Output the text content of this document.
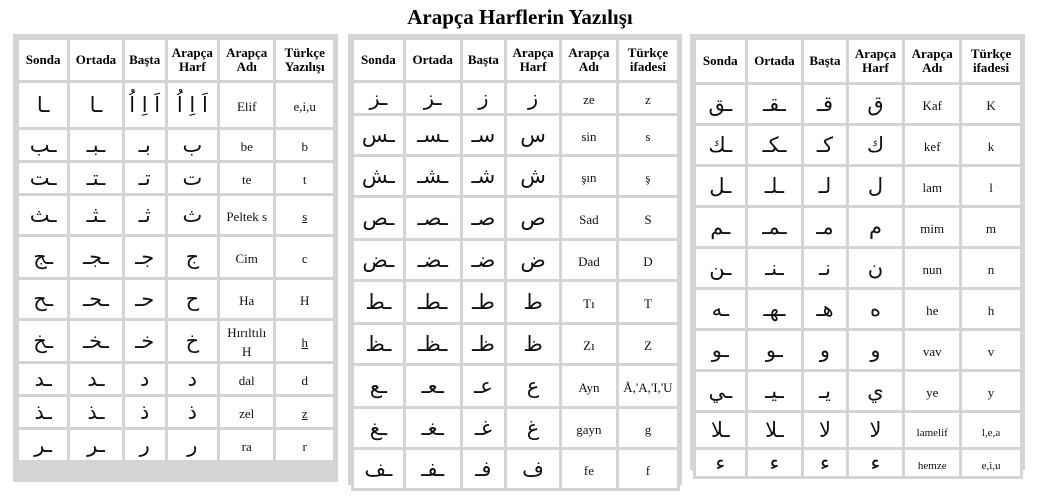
Arapça Harflerin Yazılışı
Sonda	Ortada	Başta	Arapça Harf	Arapça Adı	Türkçe Yazılışı
ـا	ـا	اَ اِ اُ	اَ اِ اُ	Elif	e,i,u
ـب	ـبـ	بـ	ب	be	b
ـت	ـتـ	تـ	ت	te	t
ـث	ـثـ	ثـ	ث	Peltek s	s
ـج	ـجـ	جـ	ج	Cim	c
ـح	ـحـ	حـ	ح	Ha	H
ـخ	ـخـ	خـ	خ	Hırıltılı H	h
ـد	ـد	د	د	dal	d
ـذ	ـذ	ذ	ذ	zel	z
ـر	ـر	ر	ر	ra	r
Sonda	Ortada	Başta	Arapça Harf	Arapça Adı	Türkçe ifadesi
ـز	ـز	ز	ز	ze	z
ـس	ـسـ	سـ	س	sin	s
ـش	ـشـ	شـ	ش	şın	ş
ـص	ـصـ	صـ	ص	Sad	S
ـض	ـضـ	ضـ	ض	Dad	D
ـط	ـطـ	طـ	ط	Tı	T
ـظ	ـظـ	ظـ	ظ	Zı	Z
ـع	ـعـ	عـ	ع	Ayn	Å,'A,'I,'U
ـغ	ـغـ	غـ	غ	gayn	g
ـف	ـفـ	فـ	ف	fe	f
Sonda	Ortada	Başta	Arapça Harf	Arapça Adı	Türkçe ifadesi
ـق	ـقـ	قـ	ق	Kaf	K
ـك	ـكـ	كـ	ك	kef	k
ـل	ـلـ	لـ	ل	lam	l
ـم	ـمـ	مـ	م	mim	m
ـن	ـنـ	نـ	ن	nun	n
ـه	ـهـ	هـ	ه	he	h
ـو	ـو	و	و	vav	v
ـي	ـيـ	يـ	ي	ye	y
ـلا	ـلا	لا	لا	lamelif	l,e,a
ء	ء	ء	ء	hemze	e,i,u
